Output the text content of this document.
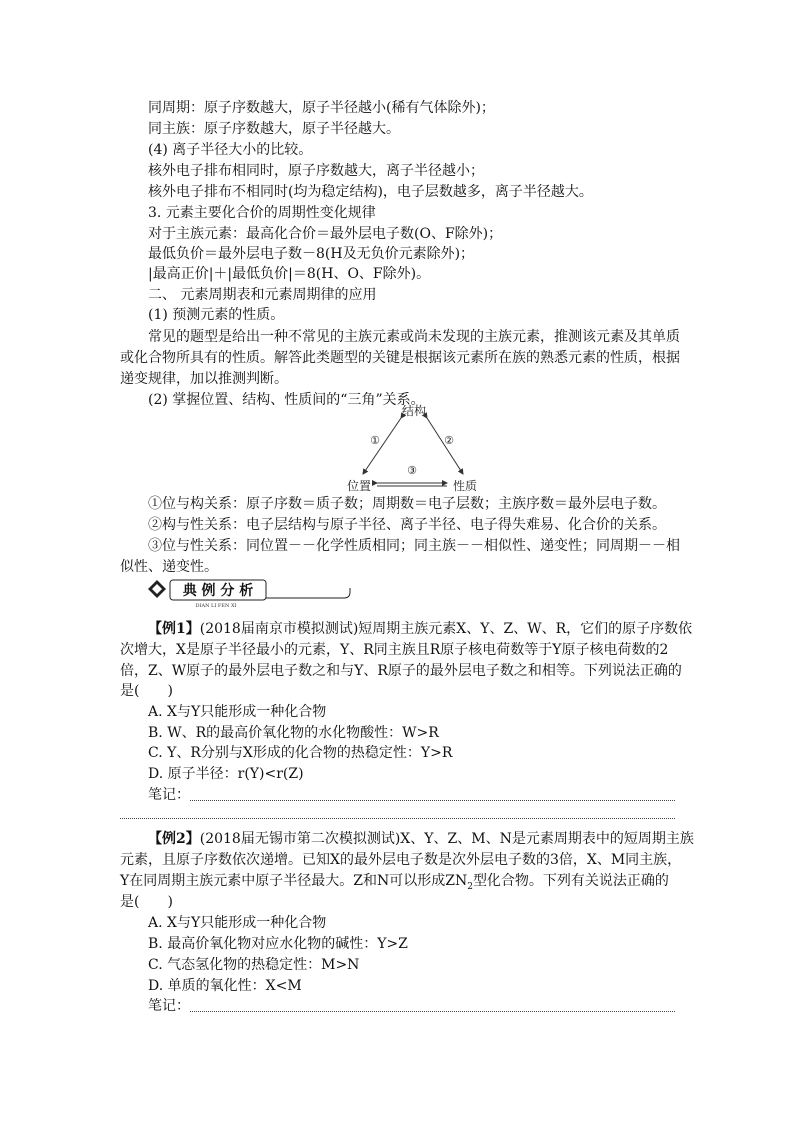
同周期：原子序数越大，原子半径越小(稀有气体除外)；
同主族：原子序数越大，原子半径越大。
(4) 离子半径大小的比较。
核外电子排布相同时，原子序数越大，离子半径越小；
核外电子排布不相同时(均为稳定结构)，电子层数越多，离子半径越大。
3. 元素主要化合价的周期性变化规律
对于主族元素：最高化合价＝最外层电子数(O、F除外)；
最低负价＝最外层电子数－8(H及无负价元素除外)；
|最高正价|＋|最低负价|＝8(H、O、F除外)。
二、 元素周期表和元素周期律的应用
(1) 预测元素的性质。
常见的题型是给出一种不常见的主族元素或尚未发现的主族元素，推测该元素及其单质
或化合物所具有的性质。解答此类题型的关键是根据该元素所在族的熟悉元素的性质，根据
递变规律，加以推测判断。
(2) 掌握位置、结构、性质间的“三角”关系。
结构
位置	性质
①	②
③
①位与构关系：原子序数＝质子数；周期数＝电子层数；主族序数＝最外层电子数。
②构与性关系：电子层结构与原子半径、离子半径、电子得失难易、化合价的关系。
③位与性关系：同位置－－化学性质相同；同主族－－相似性、递变性；同周期－－相
似性、递变性。
典 例 分 析
DIAN LI FEN XI
【例1】(2018届南京市模拟测试)短周期主族元素X、Y、Z、W、R，它们的原子序数依
次增大，X是原子半径最小的元素，Y、R同主族且R原子核电荷数等于Y原子核电荷数的2
倍，Z、W原子的最外层电子数之和与Y、R原子的最外层电子数之和相等。下列说法正确的
是(　　)
A. X与Y只能形成一种化合物
B. W、R的最高价氧化物的水化物酸性：W>R
C. Y、R分别与X形成的化合物的热稳定性：Y>R
D. 原子半径：r(Y)<r(Z)
笔记：
【例2】(2018届无锡市第二次模拟测试)X、Y、Z、M、N是元素周期表中的短周期主族
元素，且原子序数依次递增。已知X的最外层电子数是次外层电子数的3倍，X、M同主族，
Y在同周期主族元素中原子半径最大。Z和N可以形成$ZN_2$型化合物。下列有关说法正确的
是(　　)
A. X与Y只能形成一种化合物
B. 最高价氧化物对应水化物的碱性：Y>Z
C. 气态氢化物的热稳定性：M>N
D. 单质的氧化性：X<M
笔记：
